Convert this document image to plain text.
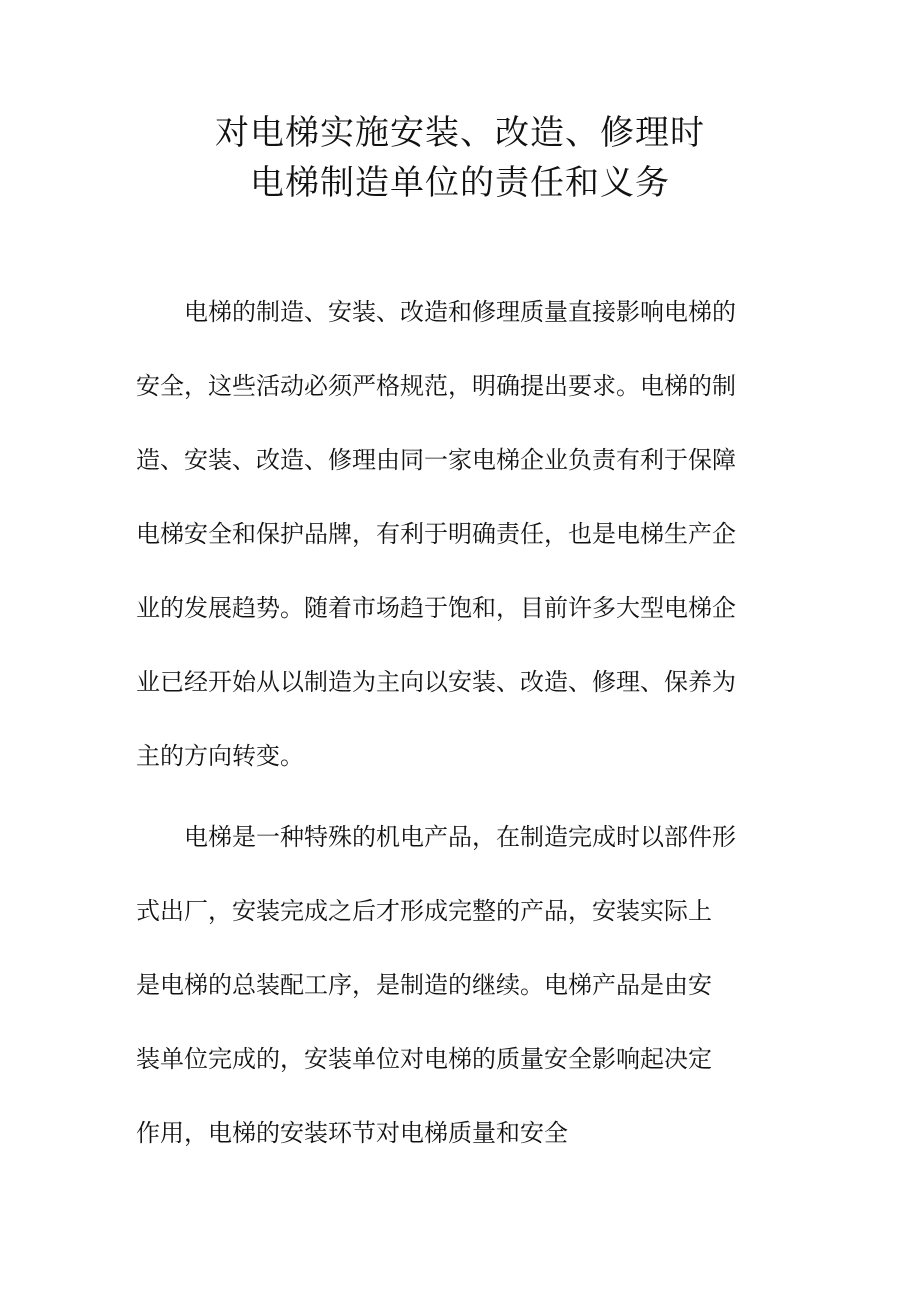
对电梯实施安装、改造、修理时
电梯制造单位的责任和义务
电梯的制造、安装、改造和修理质量直接影响电梯的
安全，这些活动必须严格规范，明确提出要求。电梯的制
造、安装、改造、修理由同一家电梯企业负责有利于保障
电梯安全和保护品牌，有利于明确责任，也是电梯生产企
业的发展趋势。随着市场趋于饱和，目前许多大型电梯企
业已经开始从以制造为主向以安装、改造、修理、保养为
主的方向转变。
电梯是一种特殊的机电产品，在制造完成时以部件形
式出厂，安装完成之后才形成完整的产品，安装实际上
是电梯的总装配工序，是制造的继续。电梯产品是由安
装单位完成的，安装单位对电梯的质量安全影响起决定
作用，电梯的安装环节对电梯质量和安全
